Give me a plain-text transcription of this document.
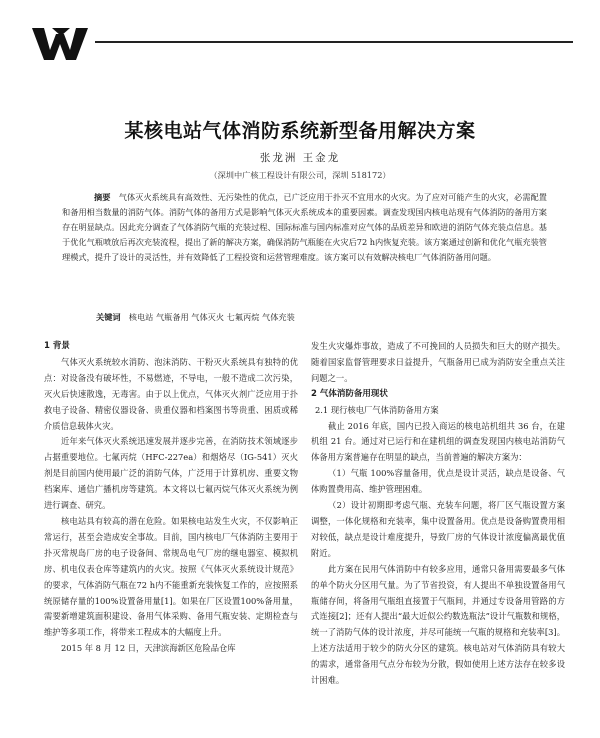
某核电站气体消防系统新型备用解决方案
张龙洲 王金龙
（深圳中广核工程设计有限公司，深圳 518172）

摘要　 气体灭火系统具有高效性、无污染性的优点，已广泛应用于扑灭不宜用水的火灾。为了应对可能产生的火灾，必需配置和备用相当数量的消防气体。消防气体的备用方式是影响气体灭火系统成本的重要因素。调查发现国内核电站现有气体消防的备用方案存在明显缺点。因此充分调查了气体消防气瓶的充装过程、国际标准与国内标准对应气体的品质差异和欧进的消防气体充装点信息。基于优化气瓶喷放后再次充装流程，提出了新的解决方案，确保消防气瓶能在火灾后72 h内恢复充装。该方案通过创新和优化气瓶充装管理模式，提升了设计的灵活性，并有效降低了工程投资和运营管理难度。该方案可以有效解决核电厂气体消防备用问题。

关键词　 核电站 气瓶备用 气体灭火 七氟丙烷 气体充装
1 背景

气体灭火系统较水消防、泡沫消防、干粉灭火系统具有独特的优点：对设备没有破坏性，不易燃迹，不导电，一般不造成二次污染，灭火后快速散逸，无毒害。由于以上优点，气体灭火剂广泛应用于扑救电子设备、精密仪器设备、贵重仪器和档案图书等贵重、困质或稀介质信息载体火灾。

近年来气体灭火系统迅速发展并逐步完善，在消防技术领域逐步占据重要地位。七氟丙烷（HFC-227ea）和烟烙尽（IG-541）灭火剂是目前国内使用最广泛的消防气体，广泛用于计算机房、重要文物档案库、通信广播机房等建筑。本文将以七氟丙烷气体灭火系统为例进行调查、研究。

核电站具有较高的潜在危险。如果核电站发生火灾，不仅影响正常运行，甚至会造成安全事故。目前，国内核电厂气体消防主要用于扑灭常规岛厂房的电子设备间、常规岛电气厂房的继电器室、模拟机房、机电仪表仓库等建筑内的火灾。按照《气体灭火系统设计规范》的要求，气体消防气瓶在72 h内不能重新充装恢复工作的，应按照系统原储存量的100%设置备用量[1]。如果在厂区设置100%备用量，需要新增建筑面积建设、备用气体采购、备用气瓶安装、定期检查与维护等多项工作，将带来工程成本的大幅度上升。

2015 年 8 月 12 日，天津滨海新区危险品仓库

发生火灾爆炸事故，造成了不可挽回的人员损失和巨大的财产损失。随着国家监督管理要求日益提升，气瓶备用已成为消防安全重点关注问题之一。

2 气体消防备用现状
2.1 现行核电厂气体消防备用方案

截止 2016 年底，国内已投入商运的核电站机组共 36 台，在建机组 21 台。通过对已运行和在建机组的调查发现国内核电站消防气体备用方案普遍存在明显的缺点，当前普遍的解决方案为：

（1）气瓶 100%容量备用，优点是设计灵活，缺点是设备、气体购置费用高、维护管理困难。

（2）设计初期即考虑气瓶、充装车问题，将厂区气瓶设置方案调整，一体化规格和充装率，集中设置备用。优点是设备购置费用相对较低，缺点是设计难度提升，导致厂房的气体设计浓度偏离最优值附近。

此方案在民用气体消防中有较多应用，通常只备用需要最多气体的单个防火分区用气量。为了节省投资，有人提出不单独设置备用气瓶储存间，将备用气瓶组直接置于气瓶间，并通过专设备用管路的方式连接[2]；还有人提出“最大近似公约数选瓶法”设计气瓶数和规格，统一了消防气体的设计浓度，并尽可能统一气瓶的规格和充装率[3]。上述方法适用于较少的防火分区的建筑。核电站对气体消防具有较大的需求，通常备用气点分布较为分散，假如使用上述方法存在较多设计困难。
